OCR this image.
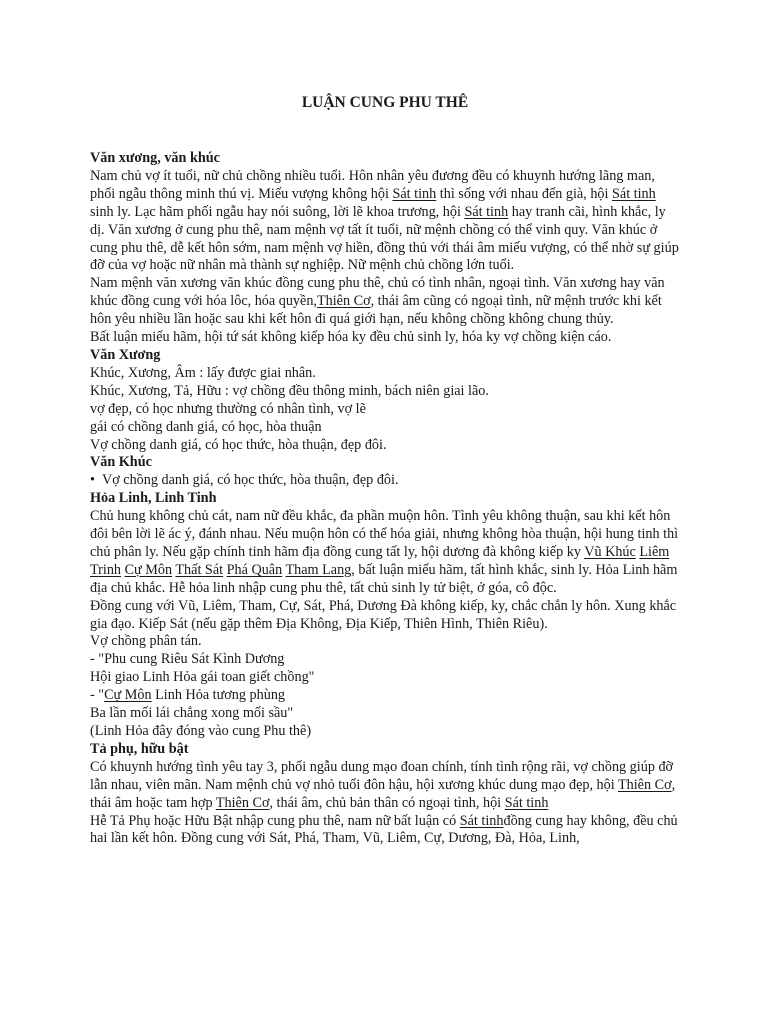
LUẬN CUNG PHU THÊ

Văn xương, văn khúc

Nam chủ vợ ít tuổi, nữ chủ chồng nhiều tuổi. Hôn nhân yêu đương đều có khuynh hướng lãng man, phối ngẫu thông minh thú vị. Miếu vượng không hội Sát tinh thì sống với nhau đến già, hội Sát tinh sinh ly. Lạc hãm phối ngẫu hay nói suông, lời lẽ khoa trương, hội Sát tinh hay tranh cãi, hình khắc, ly dị. Văn xương ở cung phu thê, nam mệnh vợ tất ít tuổi, nữ mệnh chồng có thể vinh quy. Văn khúc ở cung phu thê, dễ kết hôn sớm, nam mệnh vợ hiền, đồng thủ với thái âm miếu vượng, có thể nhờ sự giúp đỡ của vợ hoặc nữ nhân mà thành sự nghiệp. Nữ mệnh chủ chồng lớn tuổi.

Nam mệnh văn xương văn khúc đồng cung phu thê, chủ có tình nhân, ngoại tình. Văn xương hay văn khúc đồng cung với hóa lôc, hóa quyền,Thiên Cơ, thái âm cũng có ngoại tình, nữ mệnh trước khi kết hôn yêu nhiều lần hoặc sau khi kết hôn đi quá giới hạn, nếu không chồng không chung thủy.

Bất luận miếu hãm, hội tứ sát không kiếp hóa ky đều chủ sinh ly, hóa ky vợ chồng kiện cáo.

Văn Xương

Khúc, Xương, Âm : lấy được giai nhân.

Khúc, Xương, Tả, Hữu : vợ chồng đều thông minh, bách niên giai lão.

vợ đẹp, có học nhưng thường có nhân tình, vợ lẽ

gái có chồng danh giá, có học, hòa thuận

Vợ chồng danh giá, có học thức, hòa thuận, đẹp đôi.

Văn Khúc

• Vợ chồng danh giá, có học thức, hòa thuận, đẹp đôi.

Hỏa Linh, Linh Tinh

Chủ hung không chủ cát, nam nữ đều khắc, đa phần muộn hôn. Tình yêu không thuận, sau khi kết hôn đôi bên lời lẽ ác ý, đánh nhau. Nếu muộn hôn có thể hóa giải, nhưng không hòa thuận, hội hung tinh thì chủ phân ly. Nếu gặp chính tinh hãm địa đồng cung tất ly, hội dương đà không kiếp ky Vũ Khúc Liêm Trinh Cự Môn Thất Sát Phá Quân Tham Lang, bất luận miếu hãm, tất hình khắc, sinh ly. Hỏa Linh hãm địa chủ khắc. Hễ hỏa linh nhập cung phu thê, tất chủ sinh ly tử biệt, ở góa, cô độc.

Đồng cung với Vũ, Liêm, Tham, Cự, Sát, Phá, Dương Đà không kiếp, ky, chắc chắn ly hôn. Xung khắc gia đạo. Kiếp Sát (nếu gặp thêm Địa Không, Địa Kiếp, Thiên Hình, Thiên Riêu).

Vợ chồng phân tán.

- "Phu cung Riêu Sát Kình Dương

Hội giao Linh Hỏa gái toan giết chồng"

- "Cự Môn Linh Hỏa tương phùng

Ba lần mối lái chẳng xong mối sầu"

(Linh Hỏa đây đóng vào cung Phu thê)

Tả phụ, hữu bật

Có khuynh hướng tình yêu tay 3, phối ngẫu dung mạo đoan chính, tính tình rộng rãi, vợ chồng giúp đỡ lẫn nhau, viên mãn. Nam mệnh chủ vợ nhỏ tuổi đôn hậu, hội xương khúc dung mạo đẹp, hội Thiên Cơ, thái âm hoặc tam hợp Thiên Cơ, thái âm, chủ bản thân có ngoại tình, hội Sát tinh

Hễ Tả Phụ hoặc Hữu Bật nhập cung phu thê, nam nữ bất luận có Sát tinhđồng cung hay không, đều chủ hai lần kết hôn. Đồng cung với Sát, Phá, Tham, Vũ, Liêm, Cự, Dương, Đà, Hỏa, Linh,
